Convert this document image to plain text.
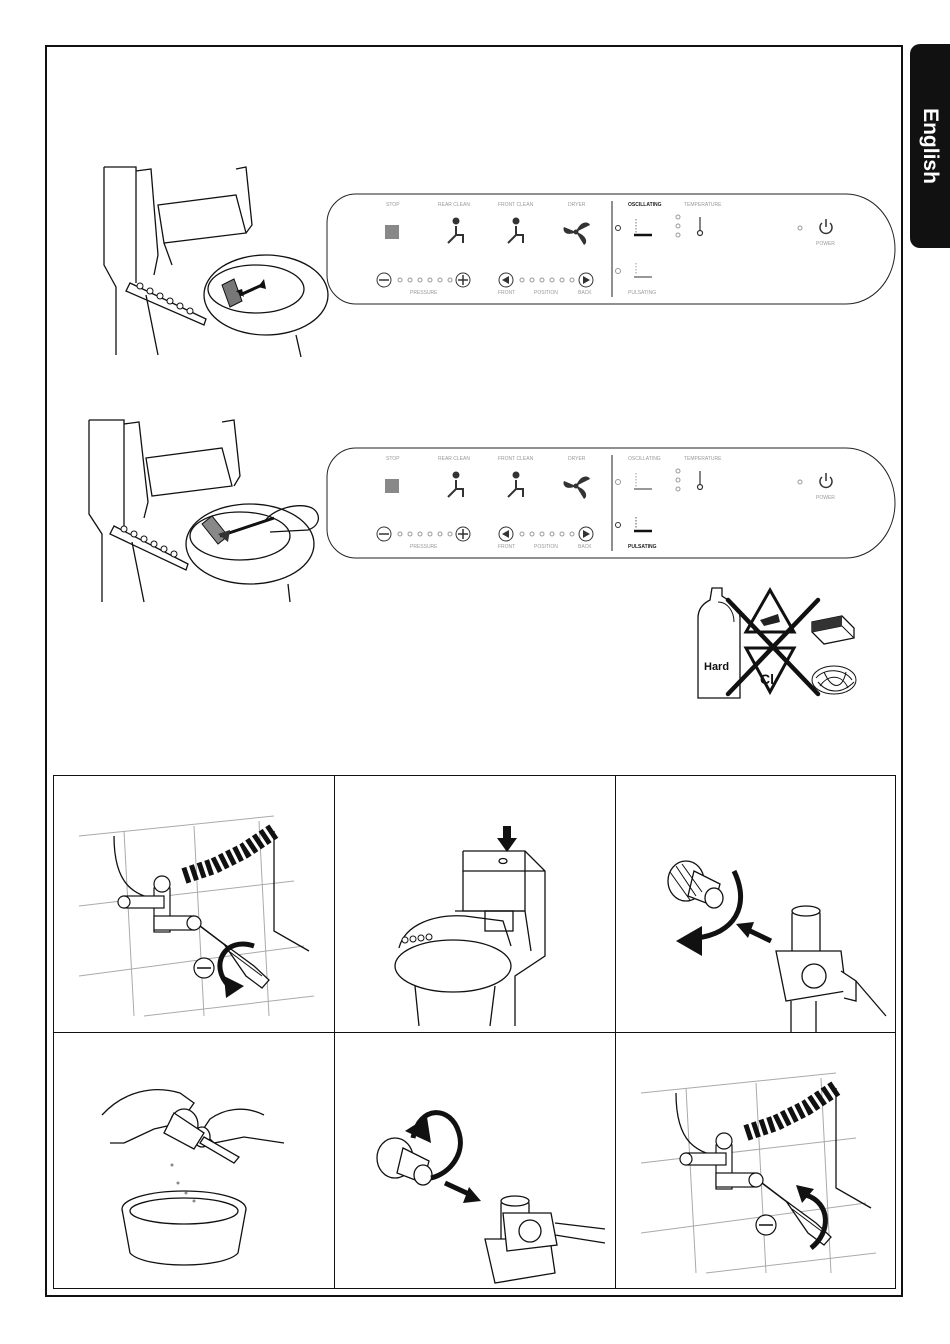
English
STOP	REAR CLEAN	FRONT CLEAN	DRYER	OSCILLATING	TEMPERATURE
POWER
PRESSURE	FRONT	POSITION	BACK	PULSATING
STOP	REAR CLEAN	FRONT CLEAN	DRYER	OSCILLATING	TEMPERATURE
POWER
PRESSURE	FRONT	POSITION	BACK	PULSATING
Hard
Cl
